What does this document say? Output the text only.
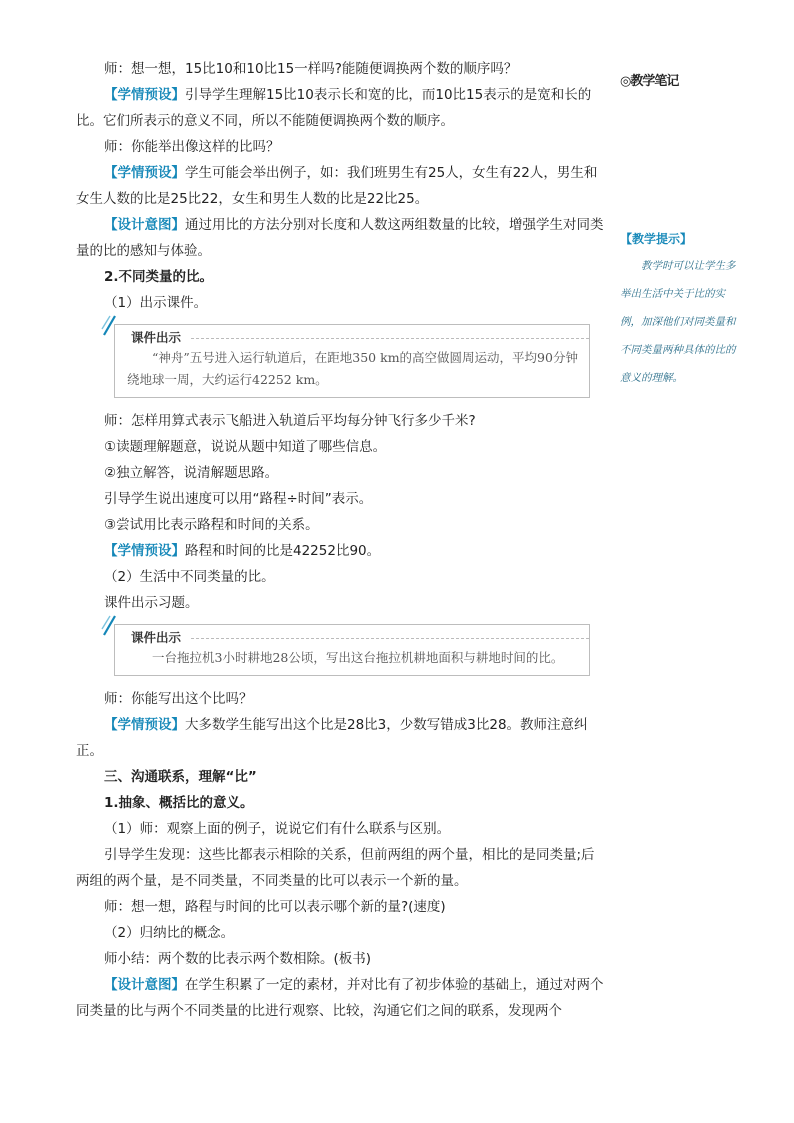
师：想一想，15比10和10比15一样吗?能随便调换两个数的顺序吗？

【学情预设】引导学生理解15比10表示长和宽的比，而10比15表示的是宽和长的比。它们所表示的意义不同，所以不能随便调换两个数的顺序。

师：你能举出像这样的比吗？

【学情预设】学生可能会举出例子，如：我们班男生有25人，女生有22人，男生和女生人数的比是25比22，女生和男生人数的比是22比25。

【设计意图】通过用比的方法分别对长度和人数这两组数量的比较，增强学生对同类量的比的感知与体验。

2.不同类量的比。

（1）出示课件。

课件出示
“神舟”五号进入运行轨道后，在距地350 km的高空做圆周运动，平均90分钟绕地球一周，大约运行42252 km。

师：怎样用算式表示飞船进入轨道后平均每分钟飞行多少千米?

①读题理解题意，说说从题中知道了哪些信息。

②独立解答，说清解题思路。

引导学生说出速度可以用“路程÷时间”表示。

③尝试用比表示路程和时间的关系。

【学情预设】路程和时间的比是42252比90。

（2）生活中不同类量的比。

课件出示习题。

课件出示
一台拖拉机3小时耕地28公顷，写出这台拖拉机耕地面积与耕地时间的比。

师：你能写出这个比吗？

【学情预设】大多数学生能写出这个比是28比3，少数写错成3比28。教师注意纠正。

三、沟通联系，理解“比”

1.抽象、概括比的意义。

（1）师：观察上面的例子，说说它们有什么联系与区别。

引导学生发现：这些比都表示相除的关系，但前两组的两个量，相比的是同类量;后两组的两个量，是不同类量，不同类量的比可以表示一个新的量。

师：想一想，路程与时间的比可以表示哪个新的量?(速度)

（2）归纳比的概念。

师小结：两个数的比表示两个数相除。(板书)

【设计意图】在学生积累了一定的素材，并对比有了初步体验的基础上，通过对两个同类量的比与两个不同类量的比进行观察、比较，沟通它们之间的联系，发现两个

◎教学笔记
【教学提示】
教学时可以让学生多举出生活中关于比的实例，加深他们对同类量和不同类量两种具体的比的意义的理解。
